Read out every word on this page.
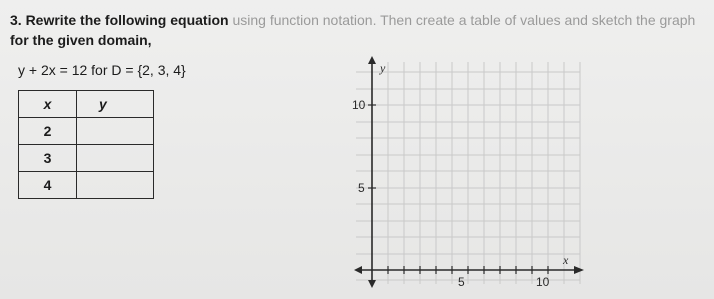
3. Rewrite the following equation using function notation. Then create a table of values and sketch the graph
for the given domain,
y + 2x = 12 for D = {2, 3, 4}
x	y
2	
3	
4	
y
x
10
5
5	10
